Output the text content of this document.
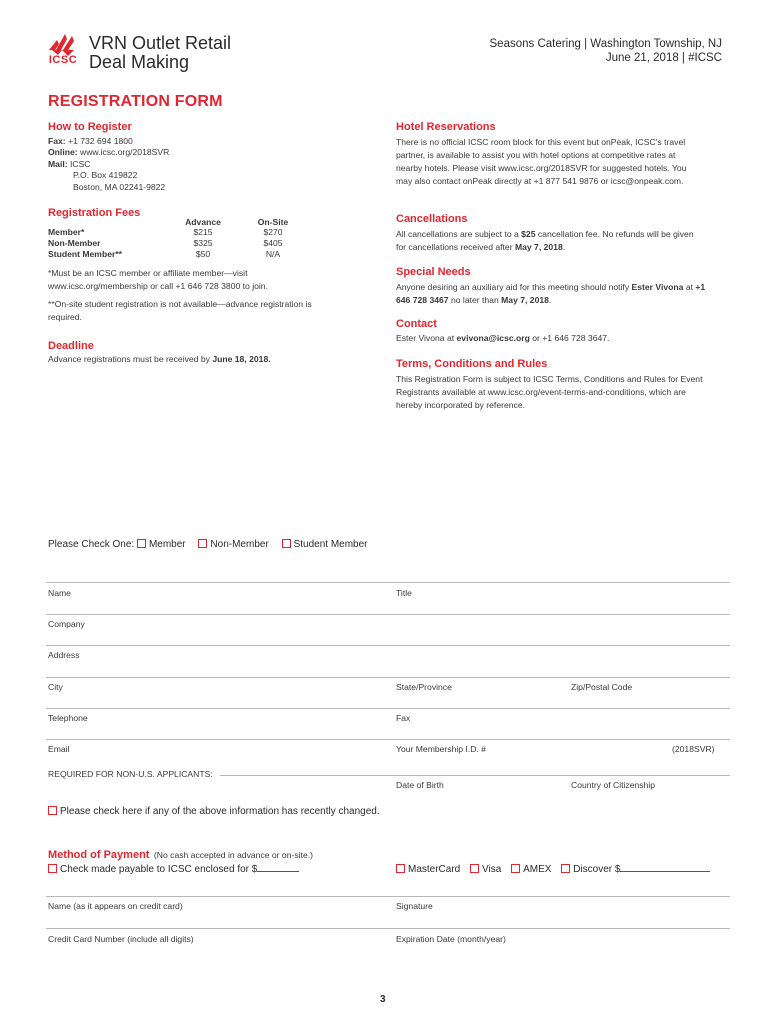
ICSC
VRN Outlet Retail
Deal Making
Seasons Catering | Washington Township, NJ
June 21, 2018 | #ICSC
REGISTRATION FORM
How to Register
Fax: +1 732 694 1800
Online: www.icsc.org/2018SVR
Mail: ICSC
P.O. Box 419822
Boston, MA 02241-9822
Registration Fees
	Advance	On-Site
Member*	$215	$270
Non-Member	$325	$405
Student Member**	$50	N/A
*Must be an ICSC member or affiliate member—visit www.icsc.org/membership or call +1 646 728 3800 to join.
**On-site student registration is not available—advance registration is required.
Deadline
Advance registrations must be received by June 18, 2018.
Hotel Reservations
There is no official ICSC room block for this event but onPeak, ICSC’s travel partner, is available to assist you with hotel options at competitive rates at nearby hotels. Please visit www.icsc.org/2018SVR for suggested hotels. You may also contact onPeak directly at +1 877 541 9876 or icsc@onpeak.com.
Cancellations
All cancellations are subject to a $25 cancellation fee. No refunds will be given for cancellations received after May 7, 2018.
Special Needs
Anyone desiring an auxiliary aid for this meeting should notify Ester Vivona at +1 646 728 3467 no later than May 7, 2018.
Contact
Ester Vivona at evivona@icsc.org or +1 646 728 3647.
Terms, Conditions and Rules
This Registration Form is subject to ICSC Terms, Conditions and Rules for Event Registrants available at www.icsc.org/event-terms-and-conditions, which are hereby incorporated by reference.
Please Check One: Member Non-Member Student Member
Name	Title
Company
Address
City	State/Province	Zip/Postal Code
Telephone	Fax
Email	Your Membership I.D. #	(2018SVR)
REQUIRED FOR NON-U.S. APPLICANTS:
Date of Birth	Country of Citizenship
Please check here if any of the above information has recently changed.
Method of Payment (No cash accepted in advance or on-site.)
Check made payable to ICSC enclosed for $	MasterCard Visa AMEX Discover $
Name (as it appears on credit card)	Signature
Credit Card Number (include all digits)	Expiration Date (month/year)
3
